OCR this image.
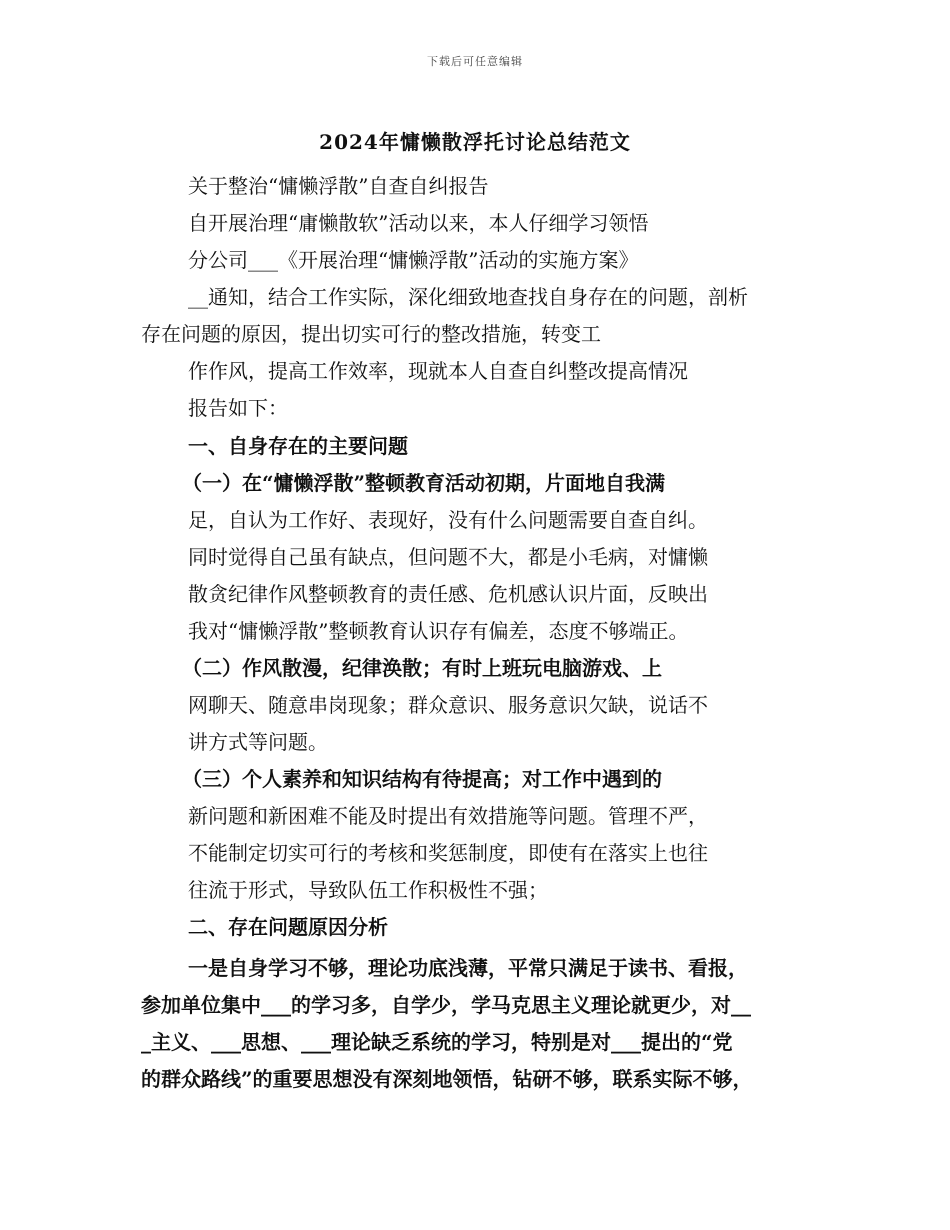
下载后可任意编辑
2024年慵懒散浮托讨论总结范文
关于整治“慵懒浮散”自查自纠报告
自开展治理“庸懒散软”活动以来，本人仔细学习领悟
分公司___《开展治理“慵懒浮散”活动的实施方案》
__通知，结合工作实际，深化细致地查找自身存在的问题，剖析
存在问题的原因，提出切实可行的整改措施，转变工
作作风，提高工作效率，现就本人自查自纠整改提高情况
报告如下：
一、自身存在的主要问题
（一）在“慵懒浮散”整顿教育活动初期，片面地自我满
足，自认为工作好、表现好，没有什么问题需要自查自纠。
同时觉得自己虽有缺点，但问题不大，都是小毛病，对慵懒
散贪纪律作风整顿教育的责任感、危机感认识片面，反映出
我对“慵懒浮散”整顿教育认识存有偏差，态度不够端正。
（二）作风散漫，纪律涣散；有时上班玩电脑游戏、上
网聊天、随意串岗现象；群众意识、服务意识欠缺，说话不
讲方式等问题。
（三）个人素养和知识结构有待提高；对工作中遇到的
新问题和新困难不能及时提出有效措施等问题。管理不严，
不能制定切实可行的考核和奖惩制度，即使有在落实上也往
往流于形式，导致队伍工作积极性不强；
二、存在问题原因分析
一是自身学习不够，理论功底浅薄，平常只满足于读书、看报，
参加单位集中___的学习多，自学少，学马克思主义理论就更少，对__
_主义、___思想、___理论缺乏系统的学习，特别是对___提出的“党
的群众路线”的重要思想没有深刻地领悟，钻研不够，联系实际不够，
